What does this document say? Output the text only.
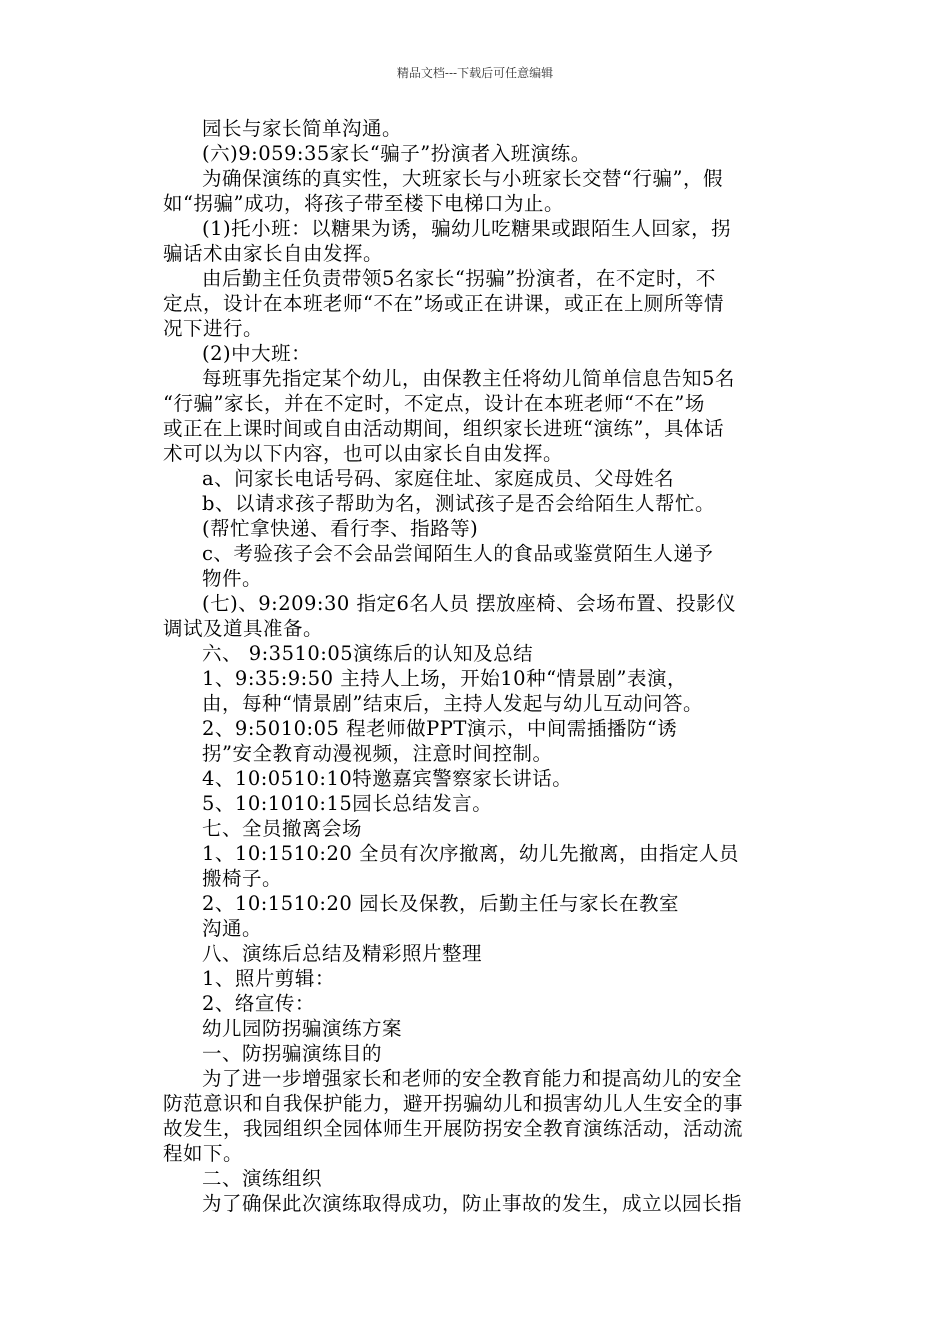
精品文档---下载后可任意编辑
园长与家长简单沟通。
(六)9:059:35家长“骗子”扮演者入班演练。
为确保演练的真实性，大班家长与小班家长交替“行骗”，假
如“拐骗”成功，将孩子带至楼下电梯口为止。
(1)托小班：以糖果为诱，骗幼儿吃糖果或跟陌生人回家，拐
骗话术由家长自由发挥。
由后勤主任负责带领5名家长“拐骗”扮演者，在不定时，不
定点，设计在本班老师“不在”场或正在讲课，或正在上厕所等情
况下进行。
(2)中大班：
每班事先指定某个幼儿，由保教主任将幼儿简单信息告知5名
“行骗”家长，并在不定时，不定点，设计在本班老师“不在”场
或正在上课时间或自由活动期间，组织家长进班“演练”，具体话
术可以为以下内容，也可以由家长自由发挥。
a、问家长电话号码、家庭住址、家庭成员、父母姓名
b、以请求孩子帮助为名，测试孩子是否会给陌生人帮忙。
(帮忙拿快递、看行李、指路等)
c、考验孩子会不会品尝闻陌生人的食品或鉴赏陌生人递予
物件。
(七)、9:209:30 指定6名人员 摆放座椅、会场布置、投影仪
调试及道具准备。
六、 9:3510:05演练后的认知及总结
1、9:35:9:50 主持人上场，开始10种“情景剧”表演，
由，每种“情景剧”结束后，主持人发起与幼儿互动问答。
2、9:5010:05 程老师做PPT演示，中间需插播防“诱
拐”安全教育动漫视频，注意时间控制。
4、10:0510:10特邀嘉宾警察家长讲话。
5、10:1010:15园长总结发言。
七、全员撤离会场
1、10:1510:20 全员有次序撤离，幼儿先撤离，由指定人员
搬椅子。
2、10:1510:20 园长及保教，后勤主任与家长在教室
沟通。
八、演练后总结及精彩照片整理
1、照片剪辑：
2、络宣传：
幼儿园防拐骗演练方案
一、防拐骗演练目的
为了进一步增强家长和老师的安全教育能力和提高幼儿的安全
防范意识和自我保护能力，避开拐骗幼儿和损害幼儿人生安全的事
故发生，我园组织全园体师生开展防拐安全教育演练活动，活动流
程如下。
二、演练组织
为了确保此次演练取得成功，防止事故的发生，成立以园长指
